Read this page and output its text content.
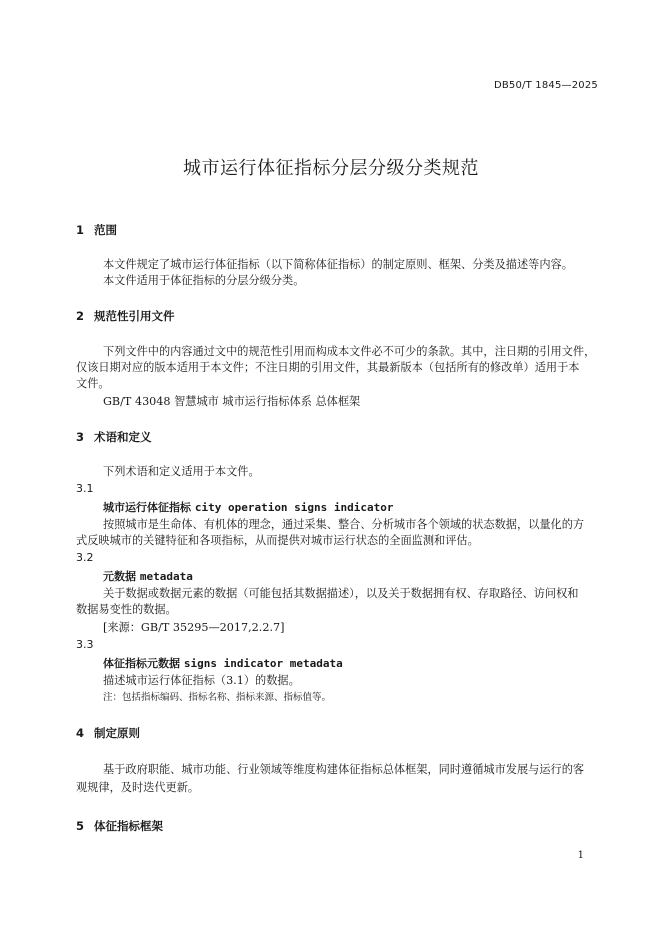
DB50/T 1845—2025
城市运行体征指标分层分级分类规范
1 范围
本文件规定了城市运行体征指标（以下简称体征指标）的制定原则、框架、分类及描述等内容。
本文件适用于体征指标的分层分级分类。
2 规范性引用文件
下列文件中的内容通过文中的规范性引用而构成本文件必不可少的条款。其中，注日期的引用文件，
仅该日期对应的版本适用于本文件；不注日期的引用文件，其最新版本（包括所有的修改单）适用于本
文件。
GB/T 43048 智慧城市 城市运行指标体系 总体框架
3 术语和定义
下列术语和定义适用于本文件。
3.1
城市运行体征指标 city operation signs indicator
按照城市是生命体、有机体的理念，通过采集、整合、分析城市各个领域的状态数据，以量化的方
式反映城市的关键特征和各项指标，从而提供对城市运行状态的全面监测和评估。
3.2
元数据 metadata
关于数据或数据元素的数据（可能包括其数据描述），以及关于数据拥有权、存取路径、访问权和
数据易变性的数据。
[来源：GB/T 35295—2017,2.2.7]
3.3
体征指标元数据 signs indicator metadata
描述城市运行体征指标（3.1）的数据。
注：包括指标编码、指标名称、指标来源、指标值等。
4 制定原则
基于政府职能、城市功能、行业领域等维度构建体征指标总体框架，同时遵循城市发展与运行的客
观规律，及时迭代更新。
5 体征指标框架
1
